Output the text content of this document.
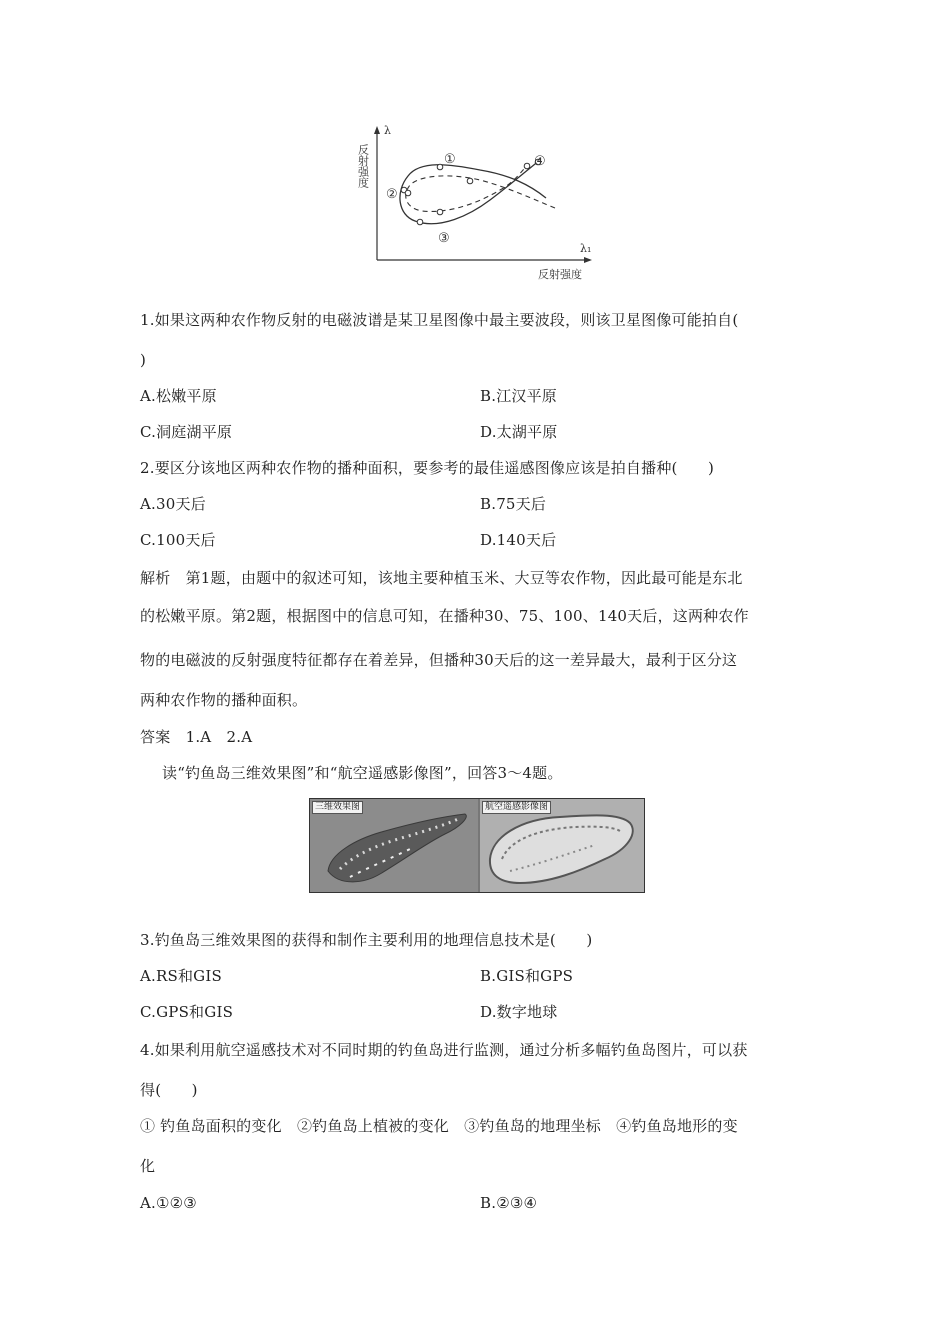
λ
反射强度
λ₁
反射强度
①
②
③
④
1.如果这两种农作物反射的电磁波谱是某卫星图像中最主要波段，则该卫星图像可能拍自(
)
A.松嫩平原	B.江汉平原
C.洞庭湖平原	D.太湖平原
2.要区分该地区两种农作物的播种面积，要参考的最佳遥感图像应该是拍自播种(　　)
A.30天后	B.75天后
C.100天后	D.140天后
解析　第1题，由题中的叙述可知，该地主要种植玉米、大豆等农作物，因此最可能是东北
的松嫩平原。第2题，根据图中的信息可知，在播种30、75、100、140天后，这两种农作
物的电磁波的反射强度特征都存在着差异，但播种30天后的这一差异最大，最利于区分这
两种农作物的播种面积。
答案　1.A　2.A
读“钓鱼岛三维效果图”和“航空遥感影像图”，回答3～4题。
三维效果图	航空遥感影像图
3.钓鱼岛三维效果图的获得和制作主要利用的地理信息技术是(　　)
A.RS和GIS	B.GIS和GPS
C.GPS和GIS	D.数字地球
4.如果利用航空遥感技术对不同时期的钓鱼岛进行监测，通过分析多幅钓鱼岛图片，可以获
得(　　)
① 钓鱼岛面积的变化　②钓鱼岛上植被的变化　③钓鱼岛的地理坐标　④钓鱼岛地形的变
化
A.①②③	B.②③④
